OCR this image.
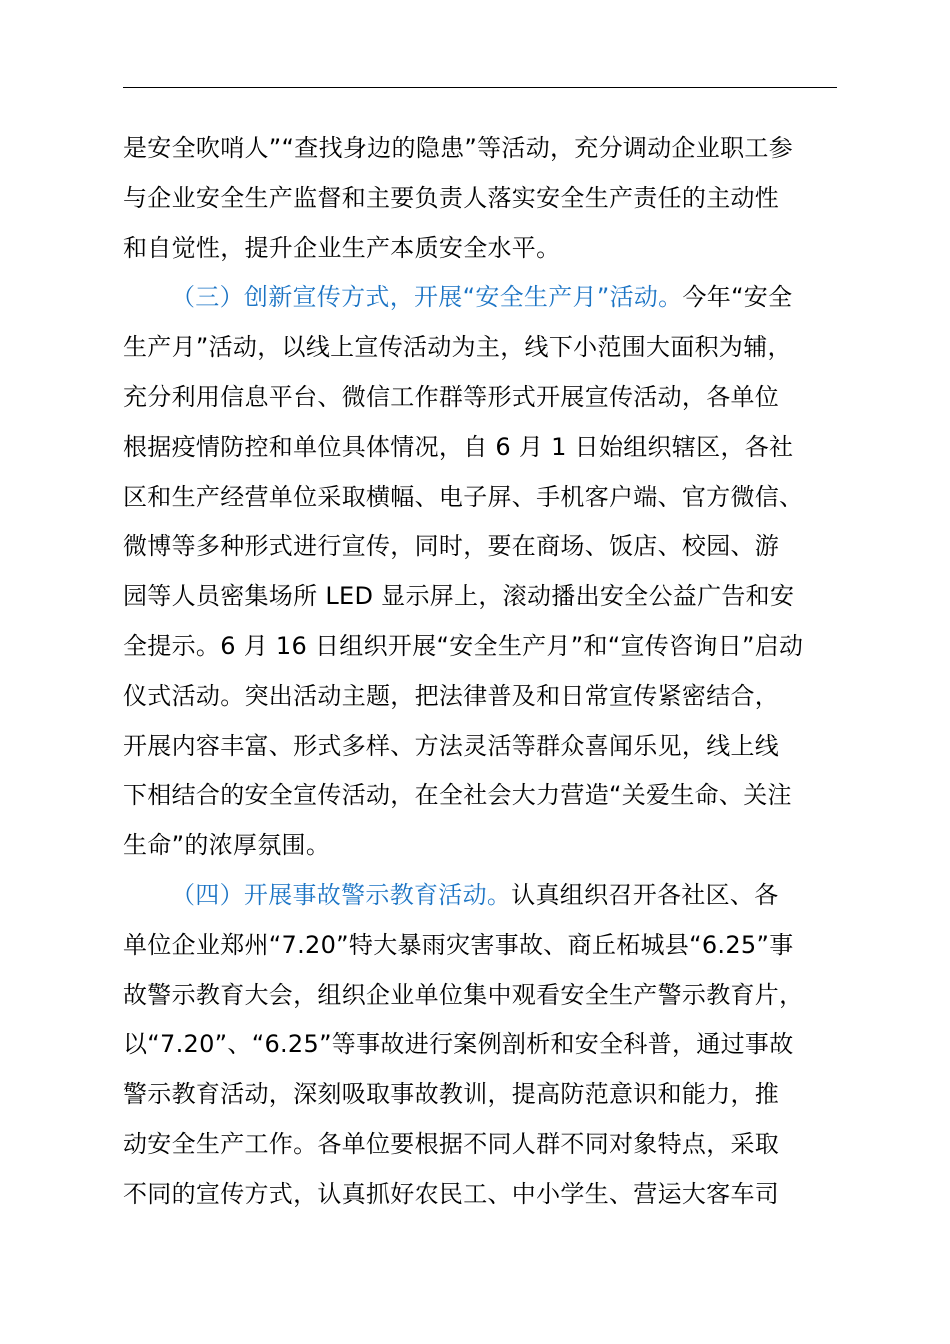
是安全吹哨人”“查找身边的隐患”等活动，充分调动企业职工参
与企业安全生产监督和主要负责人落实安全生产责任的主动性
和自觉性，提升企业生产本质安全水平。
（三）创新宣传方式，开展“安全生产月”活动。今年“安全
生产月”活动，以线上宣传活动为主，线下小范围大面积为辅，
充分利用信息平台、微信工作群等形式开展宣传活动，各单位
根据疫情防控和单位具体情况，自 6 月 1 日始组织辖区，各社
区和生产经营单位采取横幅、电子屏、手机客户端、官方微信、
微博等多种形式进行宣传，同时，要在商场、饭店、校园、游
园等人员密集场所 LED 显示屏上，滚动播出安全公益广告和安
全提示。6 月 16 日组织开展“安全生产月”和“宣传咨询日”启动
仪式活动。突出活动主题，把法律普及和日常宣传紧密结合，
开展内容丰富、形式多样、方法灵活等群众喜闻乐见，线上线
下相结合的安全宣传活动，在全社会大力营造“关爱生命、关注
生命”的浓厚氛围。
（四）开展事故警示教育活动。认真组织召开各社区、各
单位企业郑州“7.20”特大暴雨灾害事故、商丘柘城县“6.25”事
故警示教育大会，组织企业单位集中观看安全生产警示教育片，
以“7.20”、“6.25”等事故进行案例剖析和安全科普，通过事故
警示教育活动，深刻吸取事故教训，提高防范意识和能力，推
动安全生产工作。各单位要根据不同人群不同对象特点，采取
不同的宣传方式，认真抓好农民工、中小学生、营运大客车司
